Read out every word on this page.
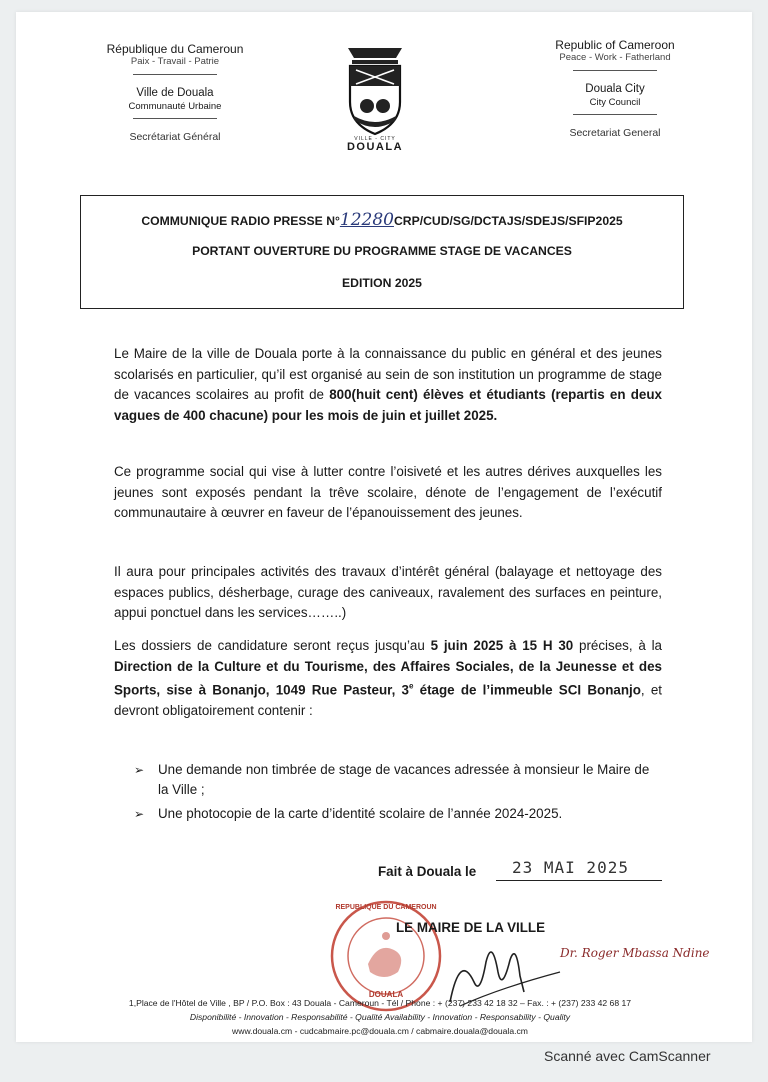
République du Cameroun
Paix - Travail - Patrie
Ville de Douala
Communauté Urbaine
Secrétariat Général	VILLE - CITY
DOUALA
Republic of Cameroon
Peace - Work - Fatherland
Douala City
City Council
Secretariat General
COMMUNIQUE RADIO PRESSE N°12280CRP/CUD/SG/DCTAJS/SDEJS/SFIP2025
PORTANT OUVERTURE DU PROGRAMME STAGE DE VACANCES
EDITION 2025
Le Maire de la ville de Douala porte à la connaissance du public en général et des jeunes scolarisés en particulier, qu’il est organisé au sein de son institution un programme de stage de vacances scolaires au profit de 800(huit cent) élèves et étudiants (repartis en deux vagues de 400 chacune) pour les mois de juin et juillet 2025.
Ce programme social qui vise à lutter contre l’oisiveté et les autres dérives auxquelles les jeunes sont exposés pendant la trêve scolaire, dénote de l’engagement de l’exécutif communautaire à œuvrer en faveur de l’épanouissement des jeunes.
Il aura pour principales activités des travaux d’intérêt général (balayage et nettoyage des espaces publics, désherbage, curage des caniveaux, ravalement des surfaces en peinture, appui ponctuel dans les services……..)
Les dossiers de candidature seront reçus jusqu’au 5 juin 2025 à 15 H 30 précises, à la Direction de la Culture et du Tourisme, des Affaires Sociales, de la Jeunesse et des Sports, sise à Bonanjo, 1049 Rue Pasteur, 3e étage de l’immeuble SCI Bonanjo, et devront obligatoirement contenir :
➢ Une demande non timbrée de stage de vacances adressée à monsieur le Maire de la Ville ;
➢ Une photocopie de la carte d’identité scolaire de l’année 2024-2025.
Fait à Douala le 23 MAI 2025
REPUBLIQUE DU CAMEROUN
DOUALA
LE MAIRE DE LA VILLE
Dr. Roger Mbassa Ndine
1,Place de l'Hôtel de Ville , BP / P.O. Box : 43 Douala - Cameroun - Tél / Phone : + (237) 233 42 18 32 – Fax. : + (237) 233 42 68 17
Disponibilité - Innovation - Responsabilité - Qualité Availability - Innovation - Responsability - Quality
www.douala.cm - cudcabmaire.pc@douala.cm / cabmaire.douala@douala.cm
Scanné avec CamScanner
